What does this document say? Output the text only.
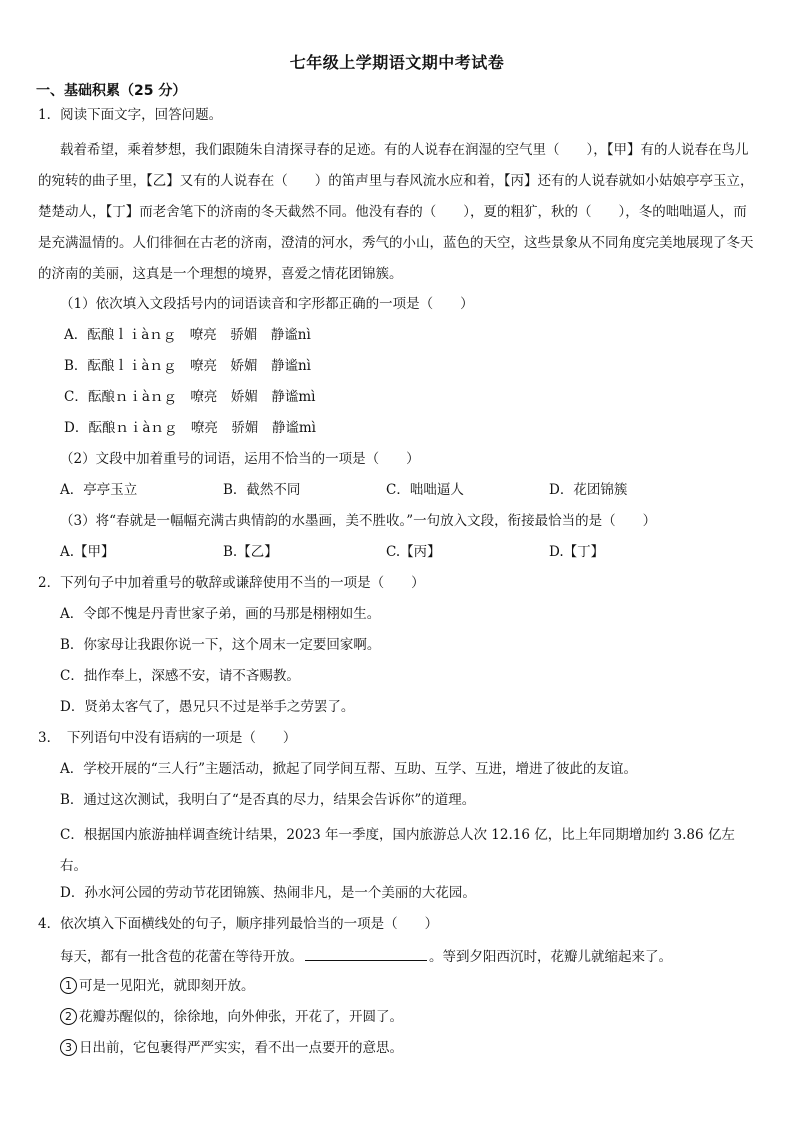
七年级上学期语文期中考试卷
一、基础积累（25 分）
1．阅读下面文字，回答问题。
载着希望，乘着梦想，我们跟随朱自清探寻春的足迹。有的人说春在润湿的空气里（　　），【甲】有的人说春在鸟儿的宛转的曲子里，【乙】又有的人说春在（　　）的笛声里与春风流水应和着，【丙】还有的人说春就如小姑娘亭亭玉立，楚楚动人，【丁】而老舍笔下的济南的冬天截然不同。他没有春的（　　），夏的粗犷，秋的（　　），冬的咄咄逼人，而是充满温情的。人们徘徊在古老的济南，澄清的河水，秀气的小山，蓝色的天空，这些景象从不同角度完美地展现了冬天的济南的美丽，这真是一个理想的境界，喜爱之情花团锦簇。
（1）依次填入文段括号内的词语读音和字形都正确的一项是（　　）
A．酝酿ｌｉàｎｇ　嘹亮　骄媚　静谧nì
B．酝酿ｌｉàｎｇ　嘹亮　娇媚　静谧nì
C．酝酿ｎｉàｎｇ　嘹亮　娇媚　静谧mì
D．酝酿ｎｉàｎｇ　嘹亮　骄媚　静谧mì
（2）文段中加着重号的词语，运用不恰当的一项是（　　）
A．亭亭玉立	B．截然不同	C．咄咄逼人	D．花团锦簇
（3）将“春就是一幅幅充满古典情韵的水墨画，美不胜收。”一句放入文段，衔接最恰当的是（　　）
A.【甲】	B.【乙】	C.【丙】	D.【丁】
2．下列句子中加着重号的敬辞或谦辞使用不当的一项是（　　）
A．令郎不愧是丹青世家子弟，画的马那是栩栩如生。
B．你家母让我跟你说一下，这个周末一定要回家啊。
C．拙作奉上，深感不安，请不吝赐教。
D．贤弟太客气了，愚兄只不过是举手之劳罢了。
3．　下列语句中没有语病的一项是（　　）
A．学校开展的“三人行”主题活动，掀起了同学间互帮、互助、互学、互进，增进了彼此的友谊。
B．通过这次测试，我明白了“是否真的尽力，结果会告诉你”的道理。
C．根据国内旅游抽样调查统计结果，2023 年一季度，国内旅游总人次 12.16 亿，比上年同期增加约 3.86 亿左右。
D．孙水河公园的劳动节花团锦簇、热闹非凡，是一个美丽的大花园。
4．依次填入下面横线处的句子，顺序排列最恰当的一项是（　　）
每天，都有一批含苞的花蕾在等待开放。	。等到夕阳西沉时，花瓣儿就缩起来了。
1 可是一见阳光，就即刻开放。
2 花瓣苏醒似的，徐徐地，向外伸张，开花了，开圆了。
3 日出前，它包裹得严严实实，看不出一点要开的意思。
